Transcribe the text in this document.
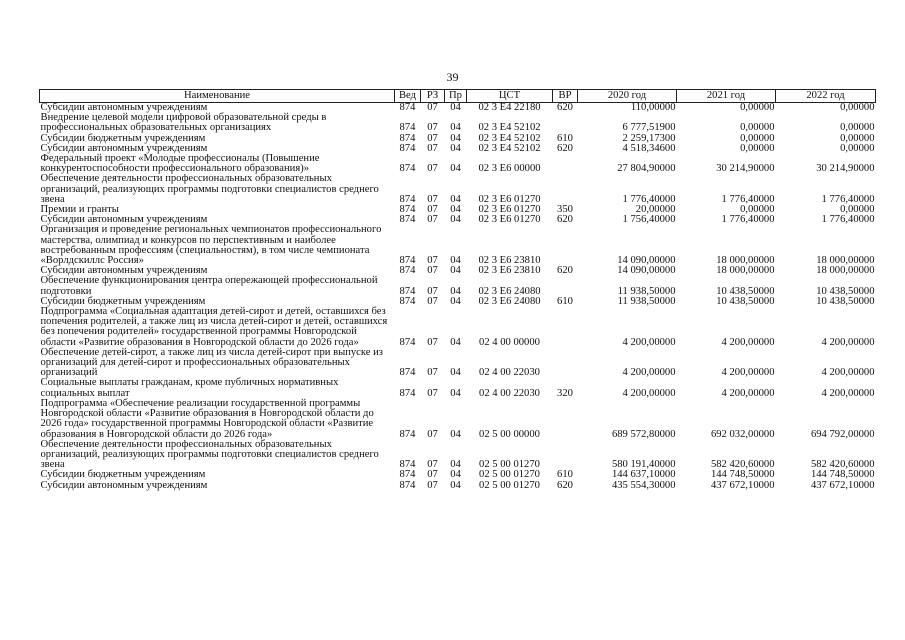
39
Наименование	Вед	РЗ	Пр	ЦСТ	ВР	2020 год	2021 год	2022 год
Субсидии автономным учреждениям	874	07	04	02 3 E4 22180	620	110,00000	0,00000	0,00000
Внедрение целевой модели цифровой образовательной среды в профессиональных образовательных организациях	874	07	04	02 3 E4 52102		6 777,51900	0,00000	0,00000
Субсидии бюджетным учреждениям	874	07	04	02 3 E4 52102	610	2 259,17300	0,00000	0,00000
Субсидии автономным учреждениям	874	07	04	02 3 E4 52102	620	4 518,34600	0,00000	0,00000
Федеральный проект «Молодые профессионалы (Повышение конкурентоспособности профессионального образования)»	874	07	04	02 3 E6 00000		27 804,90000	30 214,90000	30 214,90000
Обеспечение деятельности профессиональных образовательных организаций, реализующих программы подготовки специалистов среднего звена	874	07	04	02 3 E6 01270		1 776,40000	1 776,40000	1 776,40000
Премии и гранты	874	07	04	02 3 E6 01270	350	20,00000	0,00000	0,00000
Субсидии автономным учреждениям	874	07	04	02 3 E6 01270	620	1 756,40000	1 776,40000	1 776,40000
Организация и проведение региональных чемпионатов профессионального мастерства, олимпиад и конкурсов по перспективным и наиболее востребованным профессиям (специальностям), в том числе чемпионата «Ворлдскиллс Россия»	874	07	04	02 3 E6 23810		14 090,00000	18 000,00000	18 000,00000
Субсидии автономным учреждениям	874	07	04	02 3 E6 23810	620	14 090,00000	18 000,00000	18 000,00000
Обеспечение функционирования центра опережающей профессиональной подготовки	874	07	04	02 3 E6 24080		11 938,50000	10 438,50000	10 438,50000
Субсидии бюджетным учреждениям	874	07	04	02 3 E6 24080	610	11 938,50000	10 438,50000	10 438,50000
Подпрограмма «Социальная адаптация детей-сирот и детей, оставшихся без попечения родителей, а также лиц из числа детей-сирот и детей, оставшихся без попечения родителей» государственной программы Новгородской области «Развитие образования в Новгородской области до 2026 года»	874	07	04	02 4 00 00000		4 200,00000	4 200,00000	4 200,00000
Обеспечение детей-сирот, а также лиц из числа детей-сирот при выпуске из организаций для детей-сирот и профессиональных образовательных организаций	874	07	04	02 4 00 22030		4 200,00000	4 200,00000	4 200,00000
Социальные выплаты гражданам, кроме публичных нормативных социальных выплат	874	07	04	02 4 00 22030	320	4 200,00000	4 200,00000	4 200,00000
Подпрограмма «Обеспечение реализации государственной программы Новгородской области «Развитие образования в Новгородской области до 2026 года» государственной программы Новгородской области «Развитие образования в Новгородской области до 2026 года»	874	07	04	02 5 00 00000		689 572,80000	692 032,00000	694 792,00000
Обеспечение деятельности профессиональных образовательных организаций, реализующих программы подготовки специалистов среднего звена	874	07	04	02 5 00 01270		580 191,40000	582 420,60000	582 420,60000
Субсидии бюджетным учреждениям	874	07	04	02 5 00 01270	610	144 637,10000	144 748,50000	144 748,50000
Субсидии автономным учреждениям	874	07	04	02 5 00 01270	620	435 554,30000	437 672,10000	437 672,10000
